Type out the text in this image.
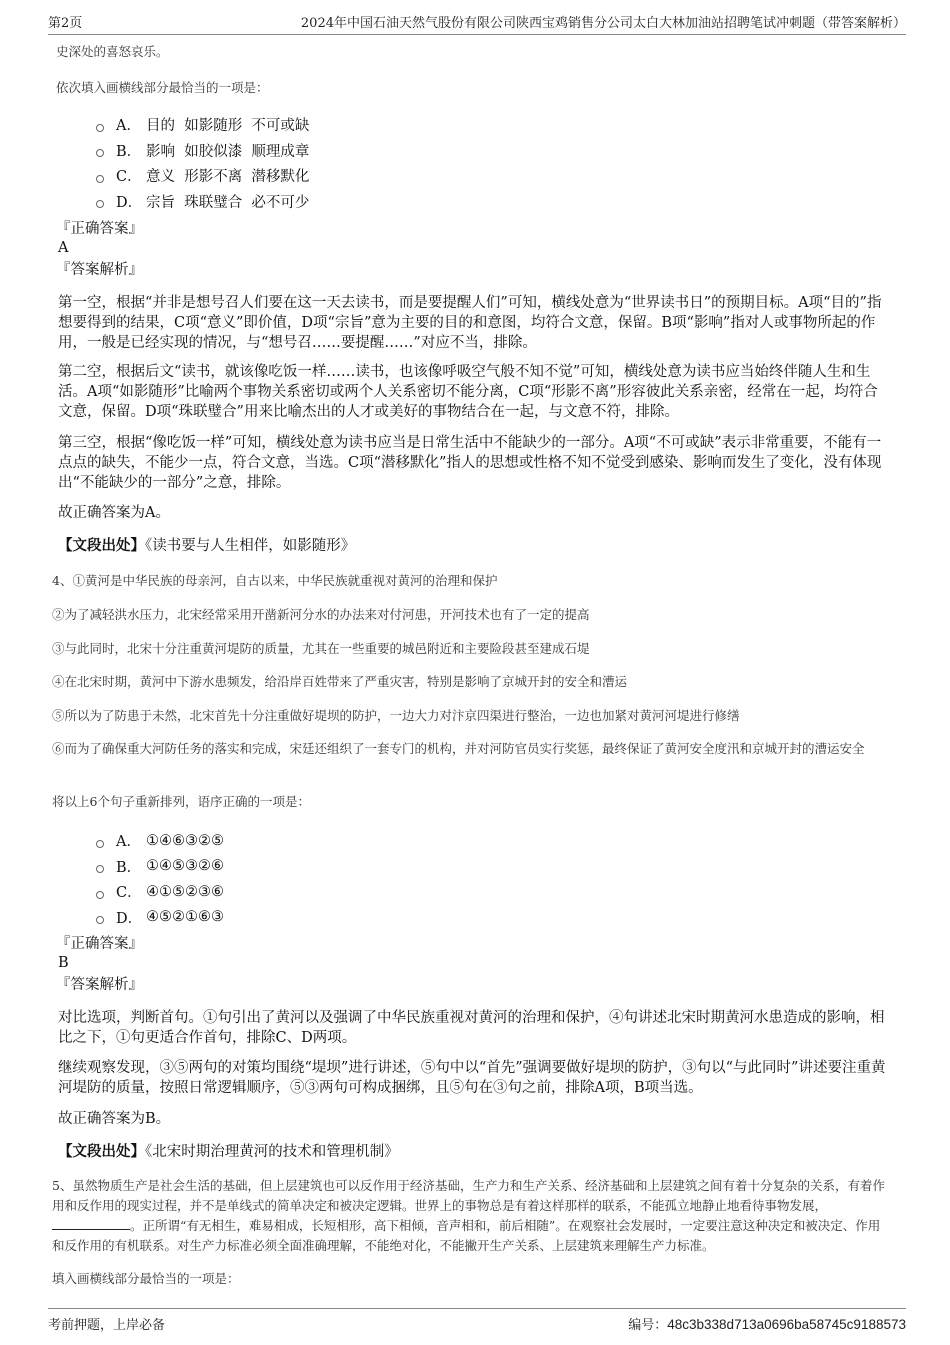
第2页	2024年中国石油天然气股份有限公司陕西宝鸡销售分公司太白大林加油站招聘笔试冲刺题（带答案解析）
史深处的喜怒哀乐。
依次填入画横线部分最恰当的一项是：
A． 目的  如影随形  不可或缺
B． 影响  如胶似漆  顺理成章
C． 意义  形影不离  潜移默化
D． 宗旨  珠联璧合  必不可少
『正确答案』
A
『答案解析』

第一空，根据“并非是想号召人们要在这一天去读书，而是要提醒人们”可知，横线处意为“世界读书日”的预期目标。A项“目的”指想要得到的结果，C项“意义”即价值，D项“宗旨”意为主要的目的和意图，均符合文意，保留。B项“影响”指对人或事物所起的作用，一般是已经实现的情况，与“想号召……要提醒……”对应不当，排除。

第二空，根据后文“读书，就该像吃饭一样……读书，也该像呼吸空气般不知不觉”可知，横线处意为读书应当始终伴随人生和生活。A项“如影随形”比喻两个事物关系密切或两个人关系密切不能分离，C项“形影不离”形容彼此关系亲密，经常在一起，均符合文意，保留。D项“珠联璧合”用来比喻杰出的人才或美好的事物结合在一起，与文意不符，排除。

第三空，根据“像吃饭一样”可知，横线处意为读书应当是日常生活中不能缺少的一部分。A项“不可或缺”表示非常重要，不能有一点点的缺失，不能少一点，符合文意，当选。C项“潜移默化”指人的思想或性格不知不觉受到感染、影响而发生了变化，没有体现出“不能缺少的一部分”之意，排除。

故正确答案为A。

【文段出处】《读书要与人生相伴，如影随形》
4、①黄河是中华民族的母亲河，自古以来，中华民族就重视对黄河的治理和保护
②为了减轻洪水压力，北宋经常采用开凿新河分水的办法来对付河患，开河技术也有了一定的提高
③与此同时，北宋十分注重黄河堤防的质量，尤其在一些重要的城邑附近和主要险段甚至建成石堤
④在北宋时期，黄河中下游水患频发，给沿岸百姓带来了严重灾害，特别是影响了京城开封的安全和漕运
⑤所以为了防患于未然，北宋首先十分注重做好堤坝的防护，一边大力对汴京四渠进行整治，一边也加紧对黄河河堤进行修缮
⑥而为了确保重大河防任务的落实和完成，宋廷还组织了一套专门的机构，并对河防官员实行奖惩，最终保证了黄河安全度汛和京城开封的漕运安全
将以上6个句子重新排列，语序正确的一项是：
A． ①④⑥③②⑤
B． ①④⑤③②⑥
C． ④①⑤②③⑥
D． ④⑤②①⑥③
『正确答案』
B
『答案解析』

对比选项，判断首句。①句引出了黄河以及强调了中华民族重视对黄河的治理和保护，④句讲述北宋时期黄河水患造成的影响，相比之下，①句更适合作首句，排除C、D两项。

继续观察发现，③⑤两句的对策均围绕“堤坝”进行讲述，⑤句中以“首先”强调要做好堤坝的防护，③句以“与此同时”讲述要注重黄河堤防的质量，按照日常逻辑顺序，⑤③两句可构成捆绑，且⑤句在③句之前，排除A项，B项当选。

故正确答案为B。

【文段出处】《北宋时期治理黄河的技术和管理机制》

5、虽然物质生产是社会生活的基础，但上层建筑也可以反作用于经济基础，生产力和生产关系、经济基础和上层建筑之间有着十分复杂的关系，有着作用和反作用的现实过程，并不是单线式的简单决定和被决定逻辑。世界上的事物总是有着这样那样的联系，不能孤立地静止地看待事物发展，。正所谓“有无相生，难易相成，长短相形，高下相倾，音声相和，前后相随”。在观察社会发展时，一定要注意这种决定和被决定、作用和反作用的有机联系。对生产力标准必须全面准确理解，不能绝对化，不能撇开生产关系、上层建筑来理解生产力标准。

填入画横线部分最恰当的一项是：
考前押题，上岸必备	编号：48c3b338d713a0696ba58745c9188573
